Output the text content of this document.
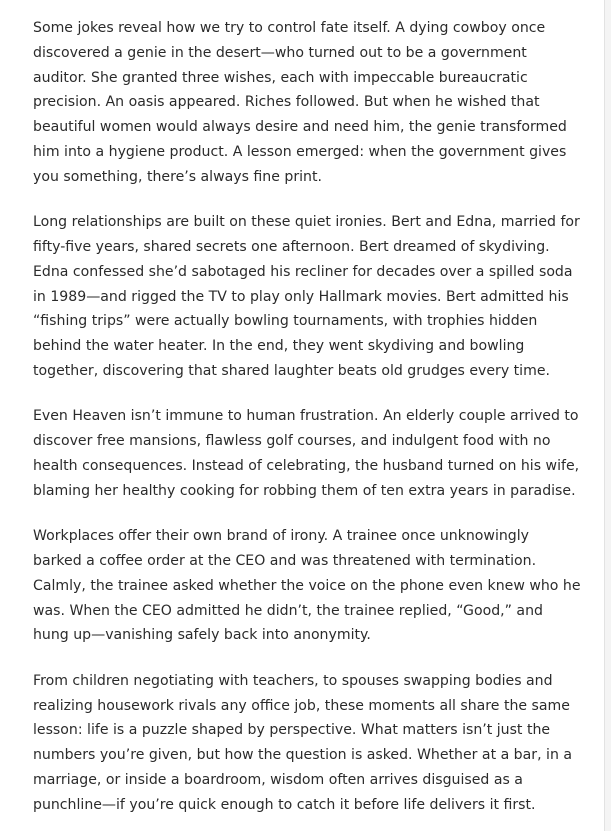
Some jokes reveal how we try to control fate itself. A dying cowboy once discovered a genie in the desert—who turned out to be a government auditor. She granted three wishes, each with impeccable bureaucratic precision. An oasis appeared. Riches followed. But when he wished that beautiful women would always desire and need him, the genie transformed him into a hygiene product. A lesson emerged: when the government gives you something, there’s always fine print.

Long relationships are built on these quiet ironies. Bert and Edna, married for fifty-five years, shared secrets one afternoon. Bert dreamed of skydiving. Edna confessed she’d sabotaged his recliner for decades over a spilled soda in 1989—and rigged the TV to play only Hallmark movies. Bert admitted his “fishing trips” were actually bowling tournaments, with trophies hidden behind the water heater. In the end, they went skydiving and bowling together, discovering that shared laughter beats old grudges every time.

Even Heaven isn’t immune to human frustration. An elderly couple arrived to discover free mansions, flawless golf courses, and indulgent food with no health consequences. Instead of celebrating, the husband turned on his wife, blaming her healthy cooking for robbing them of ten extra years in paradise.

Workplaces offer their own brand of irony. A trainee once unknowingly barked a coffee order at the CEO and was threatened with termination. Calmly, the trainee asked whether the voice on the phone even knew who he was. When the CEO admitted he didn’t, the trainee replied, “Good,” and hung up—vanishing safely back into anonymity.

From children negotiating with teachers, to spouses swapping bodies and realizing housework rivals any office job, these moments all share the same lesson: life is a puzzle shaped by perspective. What matters isn’t just the numbers you’re given, but how the question is asked. Whether at a bar, in a marriage, or inside a boardroom, wisdom often arrives disguised as a punchline—if you’re quick enough to catch it before life delivers it first.
